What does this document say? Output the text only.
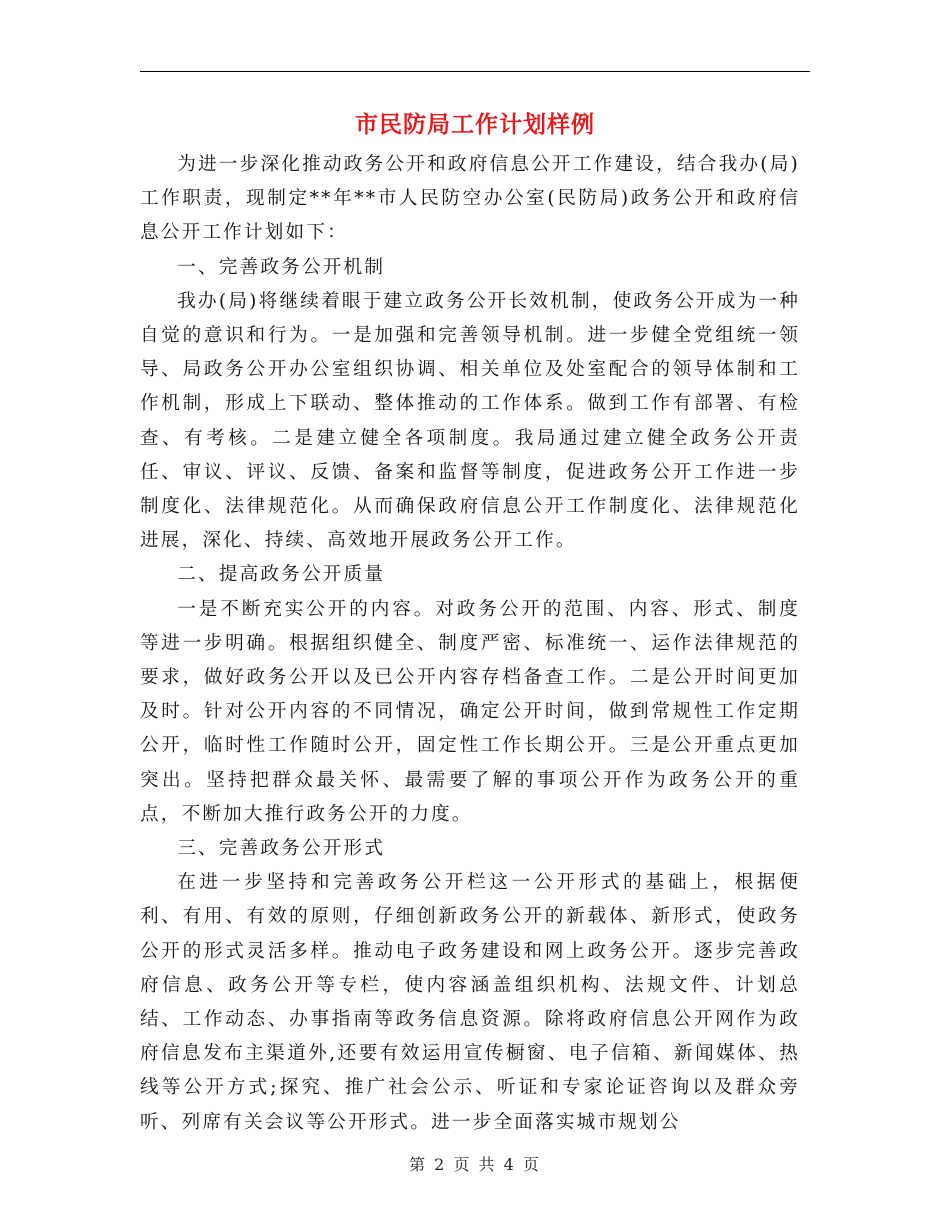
市民防局工作计划样例

为进一步深化推动政务公开和政府信息公开工作建设，结合我办(局)工作职责，现制定**年**市人民防空办公室(民防局)政务公开和政府信息公开工作计划如下：

一、完善政务公开机制

我办(局)将继续着眼于建立政务公开长效机制，使政务公开成为一种自觉的意识和行为。一是加强和完善领导机制。进一步健全党组统一领导、局政务公开办公室组织协调、相关单位及处室配合的领导体制和工作机制，形成上下联动、整体推动的工作体系。做到工作有部署、有检查、有考核。二是建立健全各项制度。我局通过建立健全政务公开责任、审议、评议、反馈、备案和监督等制度，促进政务公开工作进一步制度化、法律规范化。从而确保政府信息公开工作制度化、法律规范化进展，深化、持续、高效地开展政务公开工作。

二、提高政务公开质量

一是不断充实公开的内容。对政务公开的范围、内容、形式、制度等进一步明确。根据组织健全、制度严密、标准统一、运作法律规范的要求，做好政务公开以及已公开内容存档备查工作。二是公开时间更加及时。针对公开内容的不同情况，确定公开时间，做到常规性工作定期公开，临时性工作随时公开，固定性工作长期公开。三是公开重点更加突出。坚持把群众最关怀、最需要了解的事项公开作为政务公开的重点，不断加大推行政务公开的力度。

三、完善政务公开形式

在进一步坚持和完善政务公开栏这一公开形式的基础上，根据便利、有用、有效的原则，仔细创新政务公开的新载体、新形式，使政务公开的形式灵活多样。推动电子政务建设和网上政务公开。逐步完善政府信息、政务公开等专栏，使内容涵盖组织机构、法规文件、计划总结、工作动态、办事指南等政务信息资源。除将政府信息公开网作为政府信息发布主渠道外,还要有效运用宣传橱窗、电子信箱、新闻媒体、热线等公开方式;探究、推广社会公示、听证和专家论证咨询以及群众旁听、列席有关会议等公开形式。进一步全面落实城市规划公

第 2 页 共 4 页
